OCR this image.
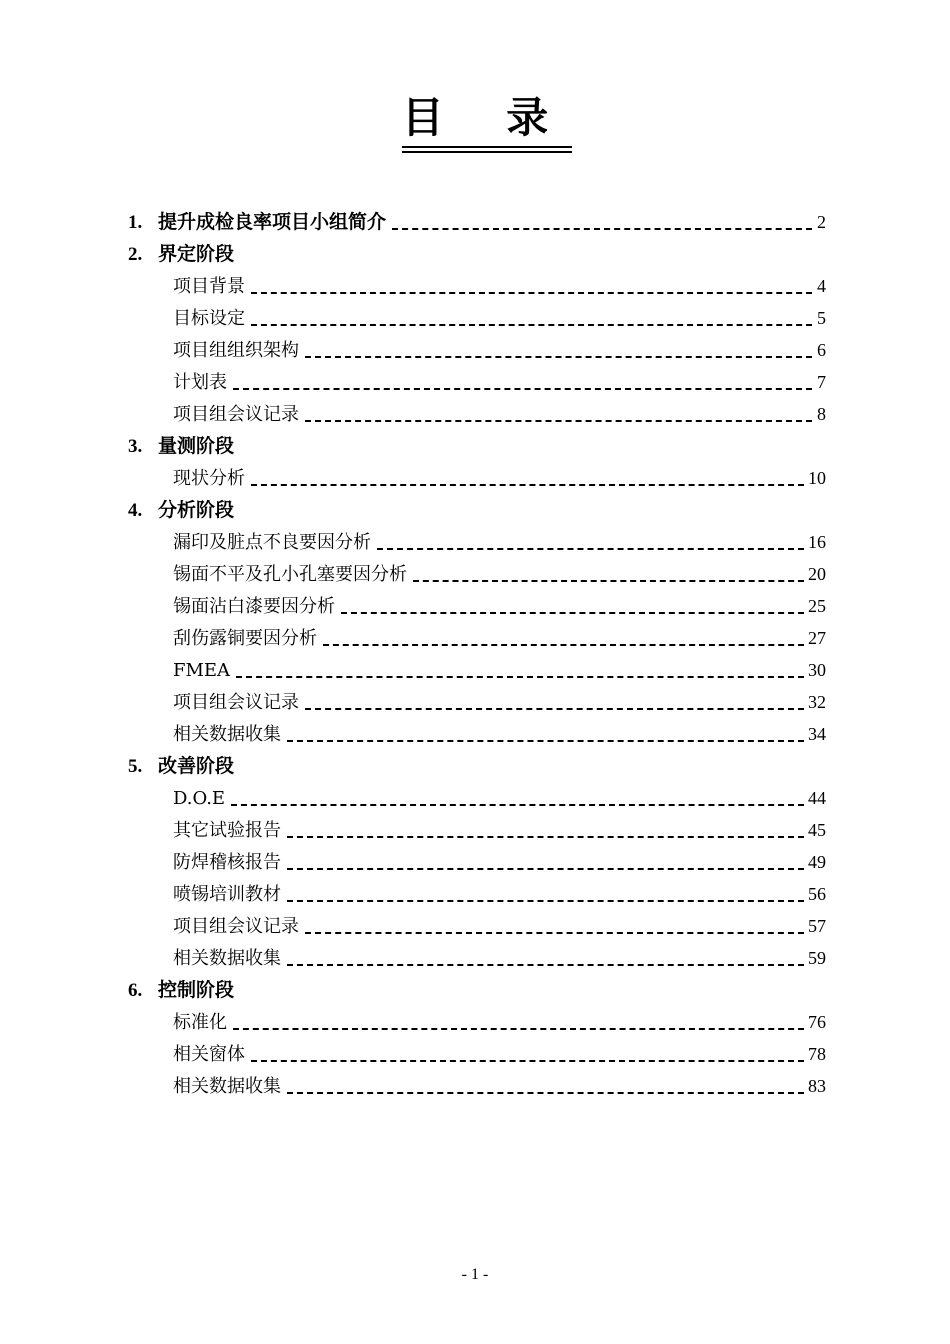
目 录
1. 提升成检良率项目小组简介	2
2. 界定阶段
项目背景	4
目标设定	5
项目组组织架构	6
计划表	7
项目组会议记录	8
3. 量测阶段
现状分析	10
4. 分析阶段
漏印及脏点不良要因分析	16
锡面不平及孔小孔塞要因分析	20
锡面沾白漆要因分析	25
刮伤露铜要因分析	27
FMEA	30
项目组会议记录	32
相关数据收集	34
5. 改善阶段
D.O.E	44
其它试验报告	45
防焊稽核报告	49
喷锡培训教材	56
项目组会议记录	57
相关数据收集	59
6. 控制阶段
标准化	76
相关窗体	78
相关数据收集	83
- 1 -
